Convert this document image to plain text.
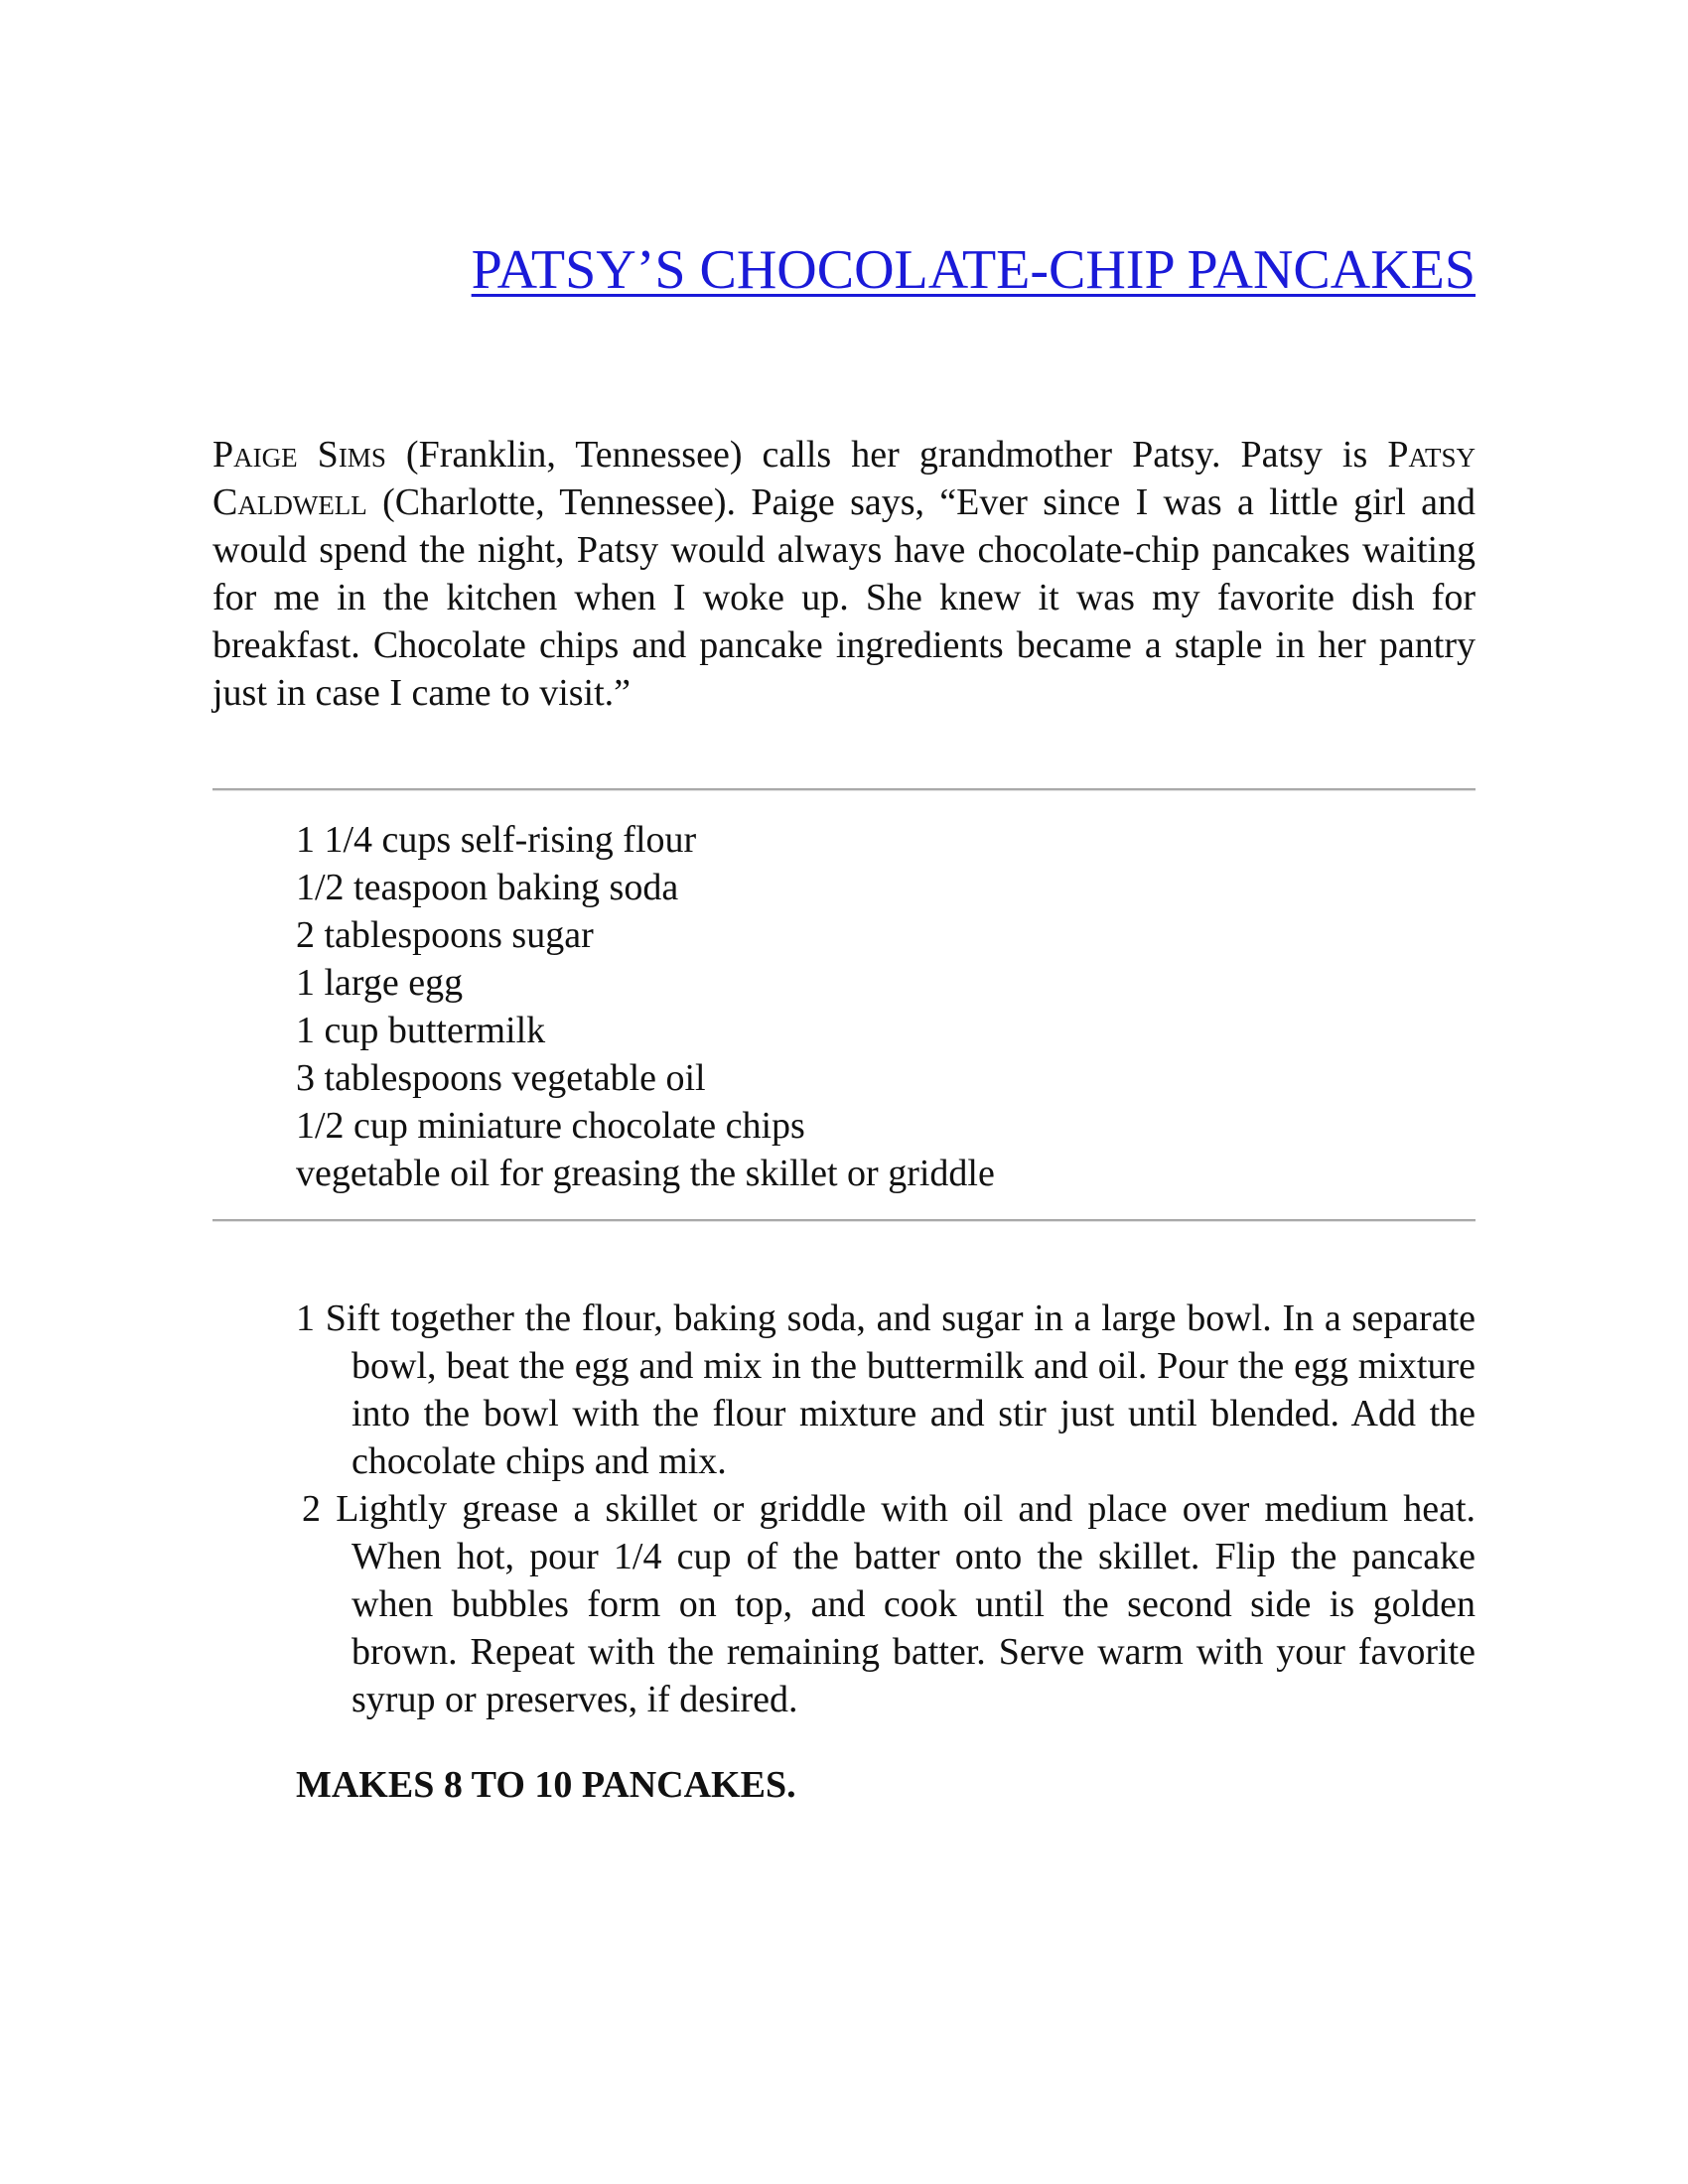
PATSY’S CHOCOLATE-CHIP PANCAKES

Paige Sims (Franklin, Tennessee) calls her grandmother Patsy. Patsy is Patsy Caldwell (Charlotte, Tennessee). Paige says, “Ever since I was a little girl and would spend the night, Patsy would always have chocolate-chip pancakes waiting for me in the kitchen when I woke up. She knew it was my favorite dish for breakfast. Chocolate chips and pancake ingredients became a staple in her pantry just in case I came to visit.”

1 1/4 cups self-rising flour
1/2 teaspoon baking soda
2 tablespoons sugar
1 large egg
1 cup buttermilk
3 tablespoons vegetable oil
1/2 cup miniature chocolate chips
vegetable oil for greasing the skillet or griddle
1 Sift together the flour, baking soda, and sugar in a large bowl. In a separate bowl, beat the egg and mix in the buttermilk and oil. Pour the egg mixture into the bowl with the flour mixture and stir just until blended. Add the chocolate chips and mix.
2 Lightly grease a skillet or griddle with oil and place over medium heat. When hot, pour 1/4 cup of the batter onto the skillet. Flip the pancake when bubbles form on top, and cook until the second side is golden brown. Repeat with the remaining batter. Serve warm with your favorite syrup or preserves, if desired.
MAKES 8 TO 10 PANCAKES.
